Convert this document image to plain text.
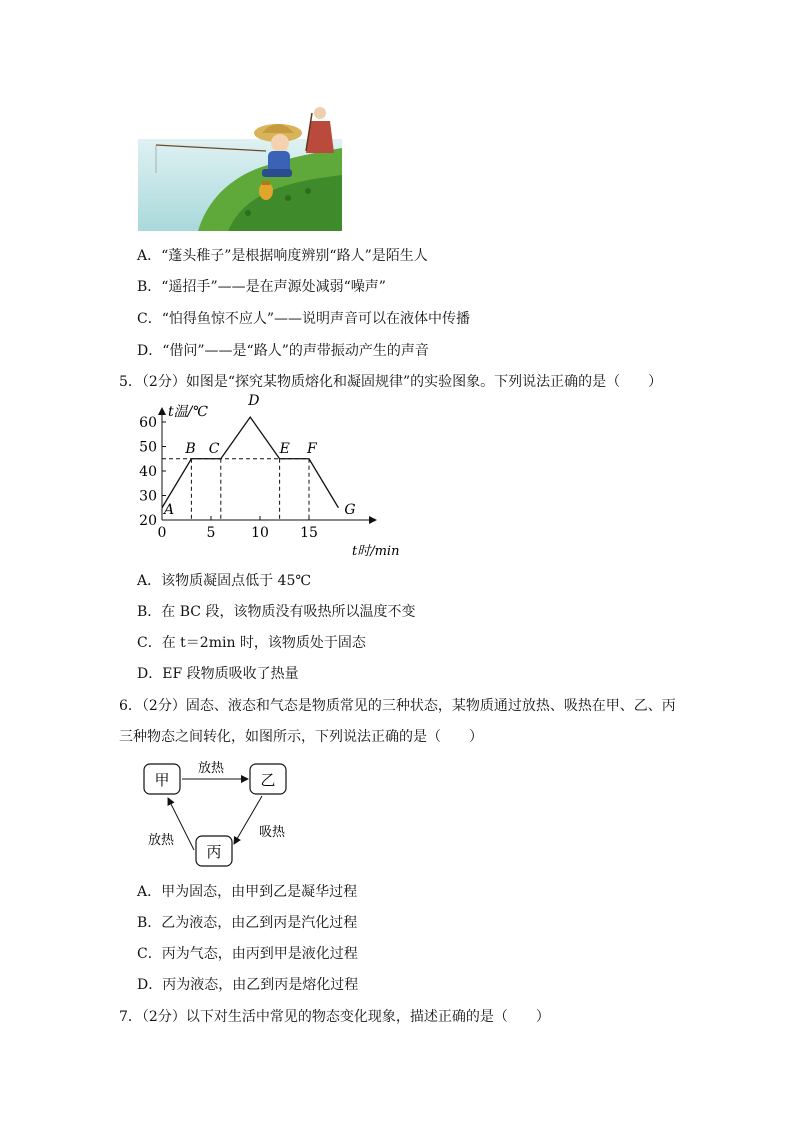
A．“蓬头稚子”是根据响度辨别“路人”是陌生人
B．“遥招手”——是在声源处减弱“噪声”
C．“怕得鱼惊不应人”——说明声音可以在液体中传播
D．“借问”——是“路人”的声带振动产生的声音
5．（2分）如图是“探究某物质熔化和凝固规律”的实验图象。下列说法正确的是（　　）
20
30
40
50
60
0	5	10 15
t温/℃
t时/min
A
B C
D
E F
G
A．该物质凝固点低于 45℃
B．在 BC 段，该物质没有吸热所以温度不变
C．在 t＝2min 时，该物质处于固态
D．EF 段物质吸收了热量
6．（2分）固态、液态和气态是物质常见的三种状态，某物质通过放热、吸热在甲、乙、丙
三种物态之间转化，如图所示，下列说法正确的是（　　）
甲	乙
丙
放热
吸热
放热
A．甲为固态，由甲到乙是凝华过程
B．乙为液态，由乙到丙是汽化过程
C．丙为气态，由丙到甲是液化过程
D．丙为液态，由乙到丙是熔化过程
7．（2分）以下对生活中常见的物态变化现象，描述正确的是（　　）
